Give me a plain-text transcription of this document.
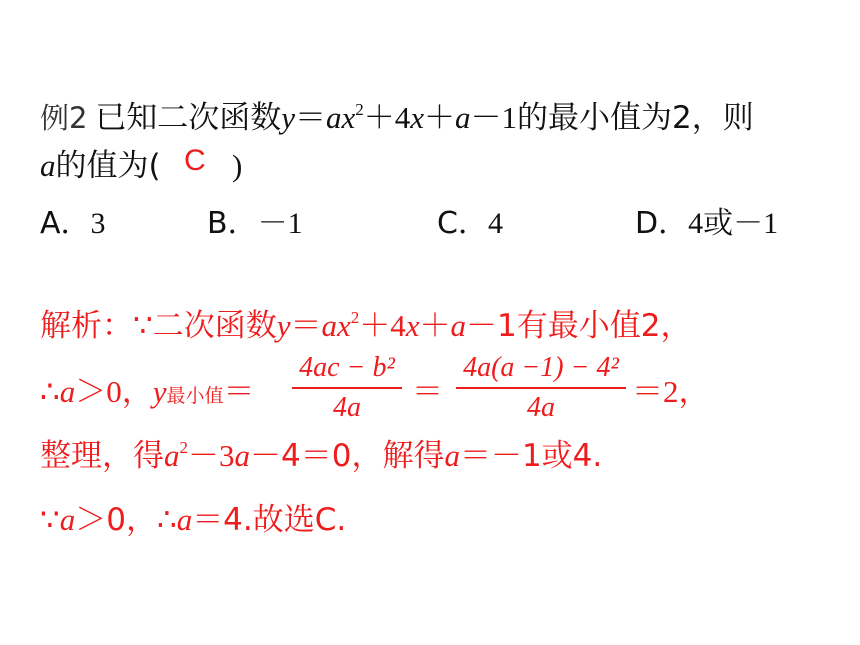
例2 已知二次函数$y=ax^2+4x+a-1$的最小值为2，则
a的值为( C )
A．3	B．－1	C．4	D．4或－1
解析：∵二次函数$y=ax^2+4x+a-1$有最小值2，
∴a＞0，y最小值＝
4ac − b²
4a	＝
4a(a −1) − 4²
4a	＝2，
整理，得$a^2-3a-4=0$，解得a＝－1或4.
∵a＞0，∴a＝4.故选C.
